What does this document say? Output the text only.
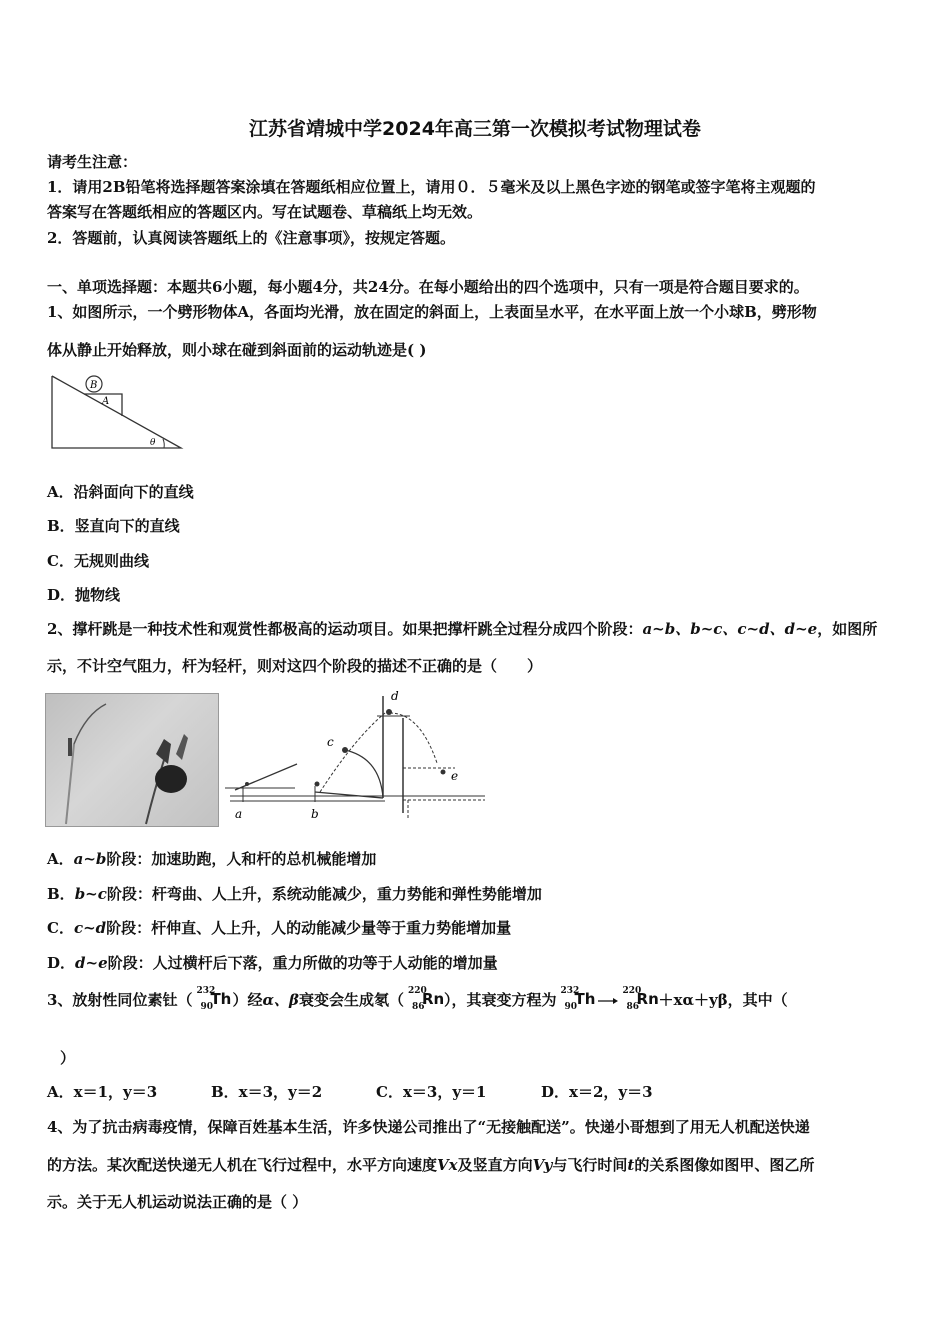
江苏省靖城中学2024年高三第一次模拟考试物理试卷
请考生注意：
1．请用2B铅笔将选择题答案涂填在答题纸相应位置上，请用０．５毫米及以上黑色字迹的钢笔或签字笔将主观题的
答案写在答题纸相应的答题区内。写在试题卷、草稿纸上均无效。
2．答题前，认真阅读答题纸上的《注意事项》，按规定答题。
一、单项选择题：本题共6小题，每小题4分，共24分。在每小题给出的四个选项中，只有一项是符合题目要求的。
1、如图所示，一个劈形物体A，各面均光滑，放在固定的斜面上，上表面呈水平，在水平面上放一个小球B，劈形物
体从静止开始释放，则小球在碰到斜面前的运动轨迹是( )
B
A
θ
A．沿斜面向下的直线
B．竖直向下的直线
C．无规则曲线
D．抛物线
2、撑杆跳是一种技术性和观赏性都极高的运动项目。如果把撑杆跳全过程分成四个阶段：a~b、b~c、c~d、d~e，如图所
示，不计空气阻力，杆为轻杆，则对这四个阶段的描述不正确的是（　　）
a	b
c
d
e
A．a~b阶段：加速助跑，人和杆的总机械能增加
B．b~c阶段：杆弯曲、人上升，系统动能减少，重力势能和弹性势能增加
C．c~d阶段：杆伸直、人上升，人的动能减少量等于重力势能增加量
D．d~e阶段：人过横杆后下落，重力所做的功等于人动能的增加量
3、放射性同位素钍（ 232
90
Th ）经α、β衰变会生成氡（ 220
86
Rn ），其衰变方程为 232
90
Th	220
86
Rn ＋xα＋yβ，其中（
）
A．x＝1，y＝3	B．x＝3，y＝2	C．x＝3，y＝1	D．x＝2，y＝3
4、为了抗击病毒疫情，保障百姓基本生活，许多快递公司推出了“无接触配送”。快递小哥想到了用无人机配送快递
的方法。某次配送快递无人机在飞行过程中，水平方向速度Vx及竖直方向Vy与飞行时间t的关系图像如图甲、图乙所
示。关于无人机运动说法正确的是（ ）
